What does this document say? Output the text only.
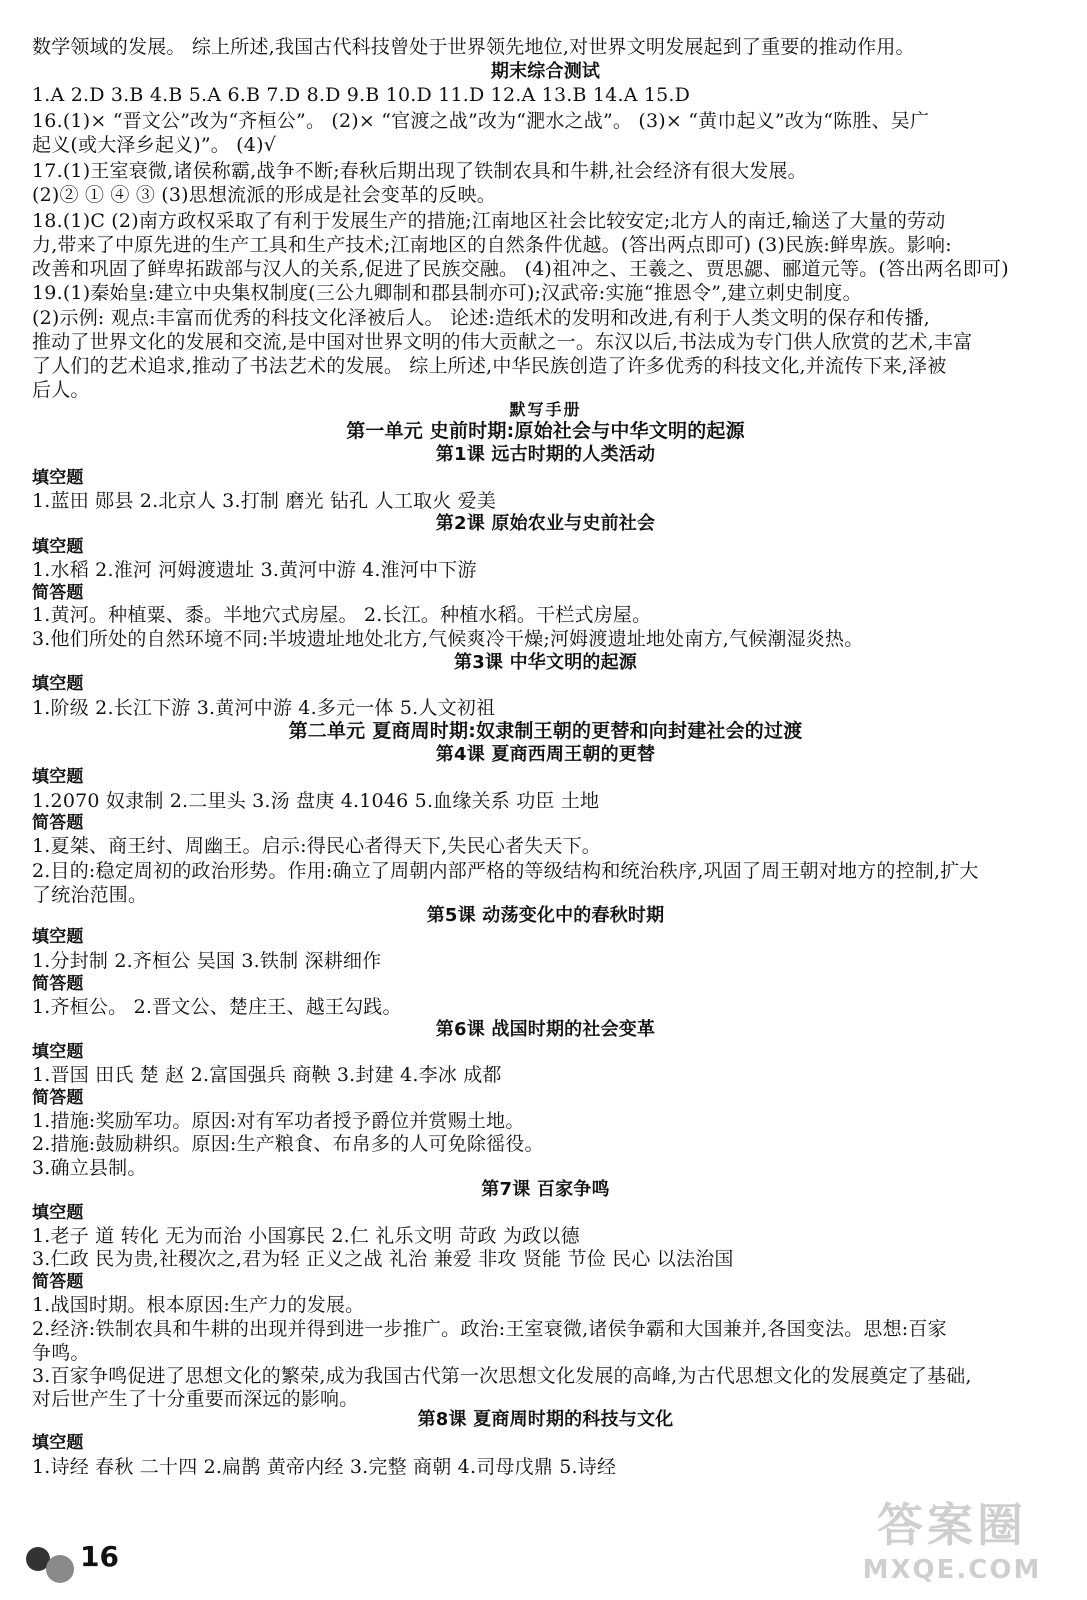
数学领域的发展。 综上所述,我国古代科技曾处于世界领先地位,对世界文明发展起到了重要的推动作用。
期末综合测试
1.A 2.D 3.B 4.B 5.A 6.B 7.D 8.D 9.B 10.D 11.D 12.A 13.B 14.A 15.D
16.(1)× “晋文公”改为“齐桓公”。 (2)× “官渡之战”改为“淝水之战”。 (3)× “黄巾起义”改为“陈胜、吴广
起义(或大泽乡起义)”。 (4)√
17.(1)王室衰微,诸侯称霸,战争不断;春秋后期出现了铁制农具和牛耕,社会经济有很大发展。
(2)② ① ④ ③ (3)思想流派的形成是社会变革的反映。
18.(1)C (2)南方政权采取了有利于发展生产的措施;江南地区社会比较安定;北方人的南迁,输送了大量的劳动
力,带来了中原先进的生产工具和生产技术;江南地区的自然条件优越。(答出两点即可) (3)民族:鲜卑族。影响:
改善和巩固了鲜卑拓跋部与汉人的关系,促进了民族交融。 (4)祖冲之、王羲之、贾思勰、郦道元等。(答出两名即可)
19.(1)秦始皇:建立中央集权制度(三公九卿制和郡县制亦可);汉武帝:实施“推恩令”,建立刺史制度。
(2)示例: 观点:丰富而优秀的科技文化泽被后人。 论述:造纸术的发明和改进,有利于人类文明的保存和传播,
推动了世界文化的发展和交流,是中国对世界文明的伟大贡献之一。东汉以后,书法成为专门供人欣赏的艺术,丰富
了人们的艺术追求,推动了书法艺术的发展。 综上所述,中华民族创造了许多优秀的科技文化,并流传下来,泽被
后人。
默写手册
第一单元 史前时期:原始社会与中华文明的起源
第1课 远古时期的人类活动
填空题
1.蓝田 郧县 2.北京人 3.打制 磨光 钻孔 人工取火 爱美
第2课 原始农业与史前社会
填空题
1.水稻 2.淮河 河姆渡遗址 3.黄河中游 4.淮河中下游
简答题
1.黄河。种植粟、黍。半地穴式房屋。 2.长江。种植水稻。干栏式房屋。
3.他们所处的自然环境不同:半坡遗址地处北方,气候爽冷干燥;河姆渡遗址地处南方,气候潮湿炎热。
第3课 中华文明的起源
填空题
1.阶级 2.长江下游 3.黄河中游 4.多元一体 5.人文初祖
第二单元 夏商周时期:奴隶制王朝的更替和向封建社会的过渡
第4课 夏商西周王朝的更替
填空题
1.2070 奴隶制 2.二里头 3.汤 盘庚 4.1046 5.血缘关系 功臣 土地
简答题
1.夏桀、商王纣、周幽王。启示:得民心者得天下,失民心者失天下。
2.目的:稳定周初的政治形势。作用:确立了周朝内部严格的等级结构和统治秩序,巩固了周王朝对地方的控制,扩大
了统治范围。
第5课 动荡变化中的春秋时期
填空题
1.分封制 2.齐桓公 吴国 3.铁制 深耕细作
简答题
1.齐桓公。 2.晋文公、楚庄王、越王勾践。
第6课 战国时期的社会变革
填空题
1.晋国 田氏 楚 赵 2.富国强兵 商鞅 3.封建 4.李冰 成都
简答题
1.措施:奖励军功。原因:对有军功者授予爵位并赏赐土地。
2.措施:鼓励耕织。原因:生产粮食、布帛多的人可免除徭役。
3.确立县制。
第7课 百家争鸣
填空题
1.老子 道 转化 无为而治 小国寡民 2.仁 礼乐文明 苛政 为政以德
3.仁政 民为贵,社稷次之,君为轻 正义之战 礼治 兼爱 非攻 贤能 节俭 民心 以法治国
简答题
1.战国时期。根本原因:生产力的发展。
2.经济:铁制农具和牛耕的出现并得到进一步推广。政治:王室衰微,诸侯争霸和大国兼并,各国变法。思想:百家
争鸣。
3.百家争鸣促进了思想文化的繁荣,成为我国古代第一次思想文化发展的高峰,为古代思想文化的发展奠定了基础,
对后世产生了十分重要而深远的影响。
第8课 夏商周时期的科技与文化
填空题
1.诗经 春秋 二十四 2.扁鹊 黄帝内经 3.完整 商朝 4.司母戊鼎 5.诗经
16
答案圈
MXQE.COM
